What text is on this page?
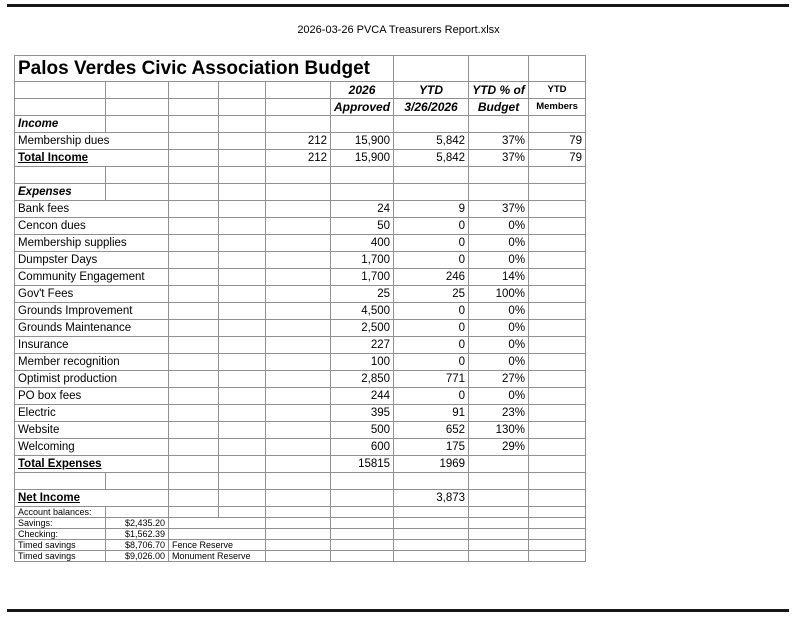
2026-03-26 PVCA Treasurers Report.xlsx
Palos Verdes Civic Association Budget								
					2026	YTD	YTD % of	YTD
					Approved	3/26/2026	Budget	Members
Income								
Membership dues				212	15,900	5,842	37%	79
Total Income				212	15,900	5,842	37%	79

Expenses								
Bank fees					24	9	37%	
Cencon dues					50	0	0%	
Membership supplies					400	0	0%	
Dumpster Days					1,700	0	0%	
Community Engagement					1,700	246	14%	
Gov't Fees					25	25	100%	
Grounds Improvement					4,500	0	0%	
Grounds Maintenance					2,500	0	0%	
Insurance					227	0	0%	
Member recognition					100	0	0%	
Optimist production					2,850	771	27%	
PO box fees					244	0	0%	
Electric					395	91	23%	
Website					500	652	130%	
Welcoming					600	175	29%	
Total Expenses					15815	1969		

Net Income						3,873		
Account balances:								
Savings:	$2,435.20							
Checking:	$1,562.39							
Timed savings	$8,706.70	Fence Reserve						
Timed savings	$9,026.00	Monument Reserve						
